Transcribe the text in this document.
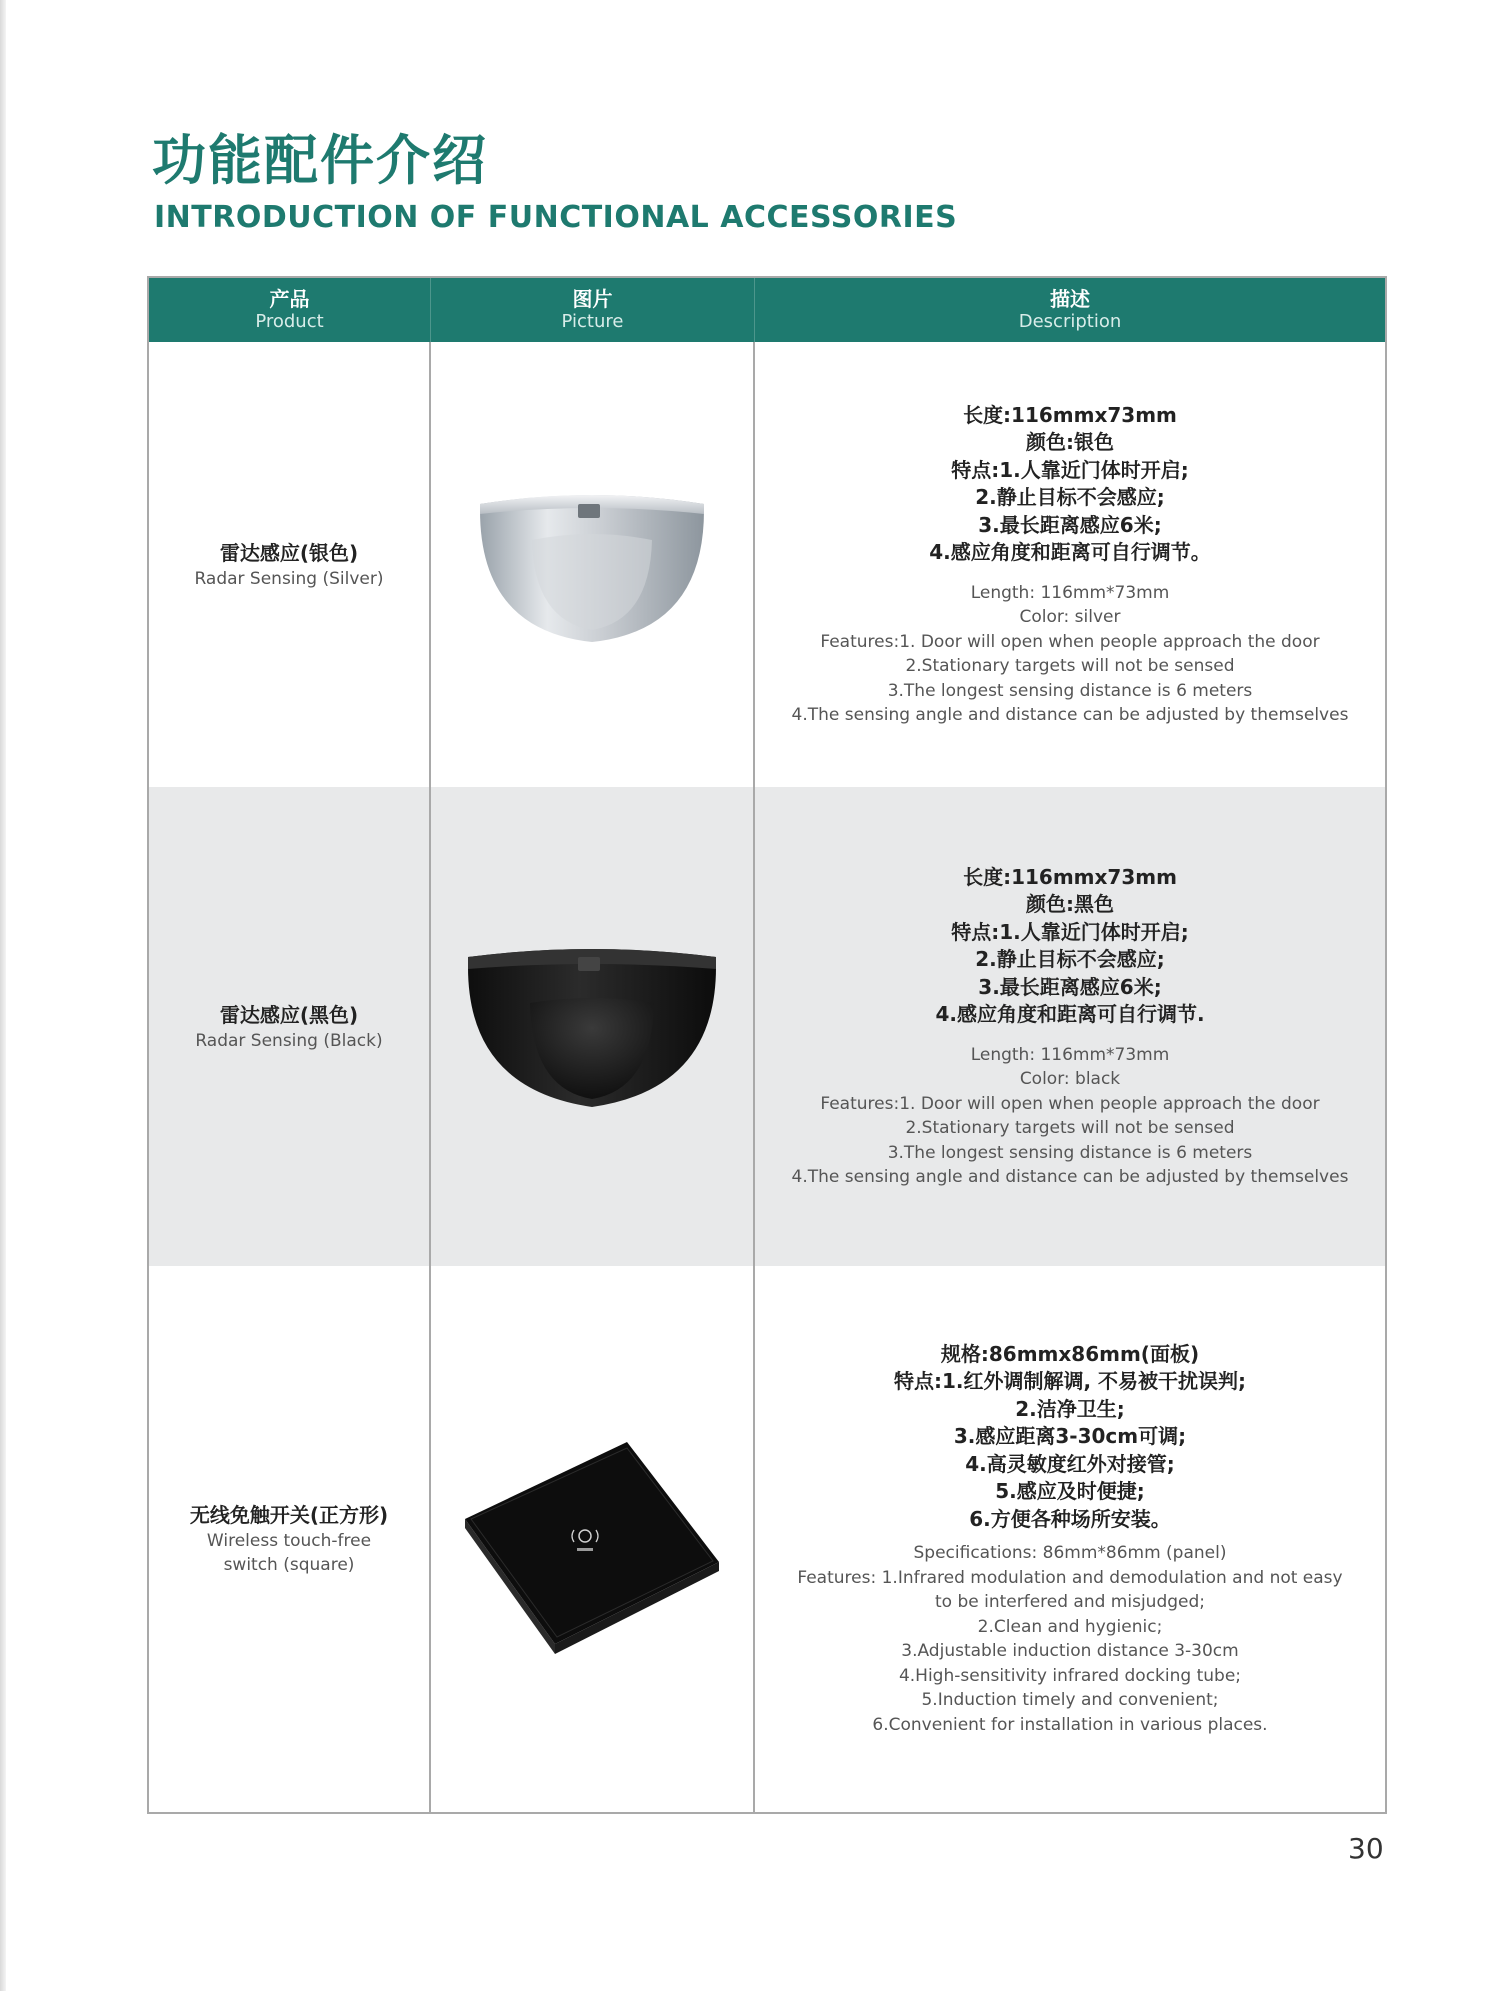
功能配件介绍
INTRODUCTION OF FUNCTIONAL ACCESSORIES
产品
Product
图片
Picture
描述
Description
雷达感应(银色)
Radar Sensing (Silver)
长度:116mmx73mm
颜色:银色
特点:1.人靠近门体时开启;
2.静止目标不会感应;
3.最长距离感应6米;
4.感应角度和距离可自行调节。
Length: 116mm*73mm
Color: silver
Features:1. Door will open when people approach the door
2.Stationary targets will not be sensed
3.The longest sensing distance is 6 meters
4.The sensing angle and distance can be adjusted by themselves
雷达感应(黑色)
Radar Sensing (Black)
长度:116mmx73mm
颜色:黑色
特点:1.人靠近门体时开启;
2.静止目标不会感应;
3.最长距离感应6米;
4.感应角度和距离可自行调节.
Length: 116mm*73mm
Color: black
Features:1. Door will open when people approach the door
2.Stationary targets will not be sensed
3.The longest sensing distance is 6 meters
4.The sensing angle and distance can be adjusted by themselves
无线免触开关(正方形)
Wireless touch-free
switch (square)
规格:86mmx86mm(面板)
特点:1.红外调制解调, 不易被干扰误判;
2.洁净卫生;
3.感应距离3-30cm可调;
4.高灵敏度红外对接管;
5.感应及时便捷;
6.方便各种场所安装。
Specifications: 86mm*86mm (panel)
Features: 1.Infrared modulation and demodulation and not easy
to be interfered and misjudged;
2.Clean and hygienic;
3.Adjustable induction distance 3-30cm
4.High-sensitivity infrared docking tube;
5.Induction timely and convenient;
6.Convenient for installation in various places.
30
